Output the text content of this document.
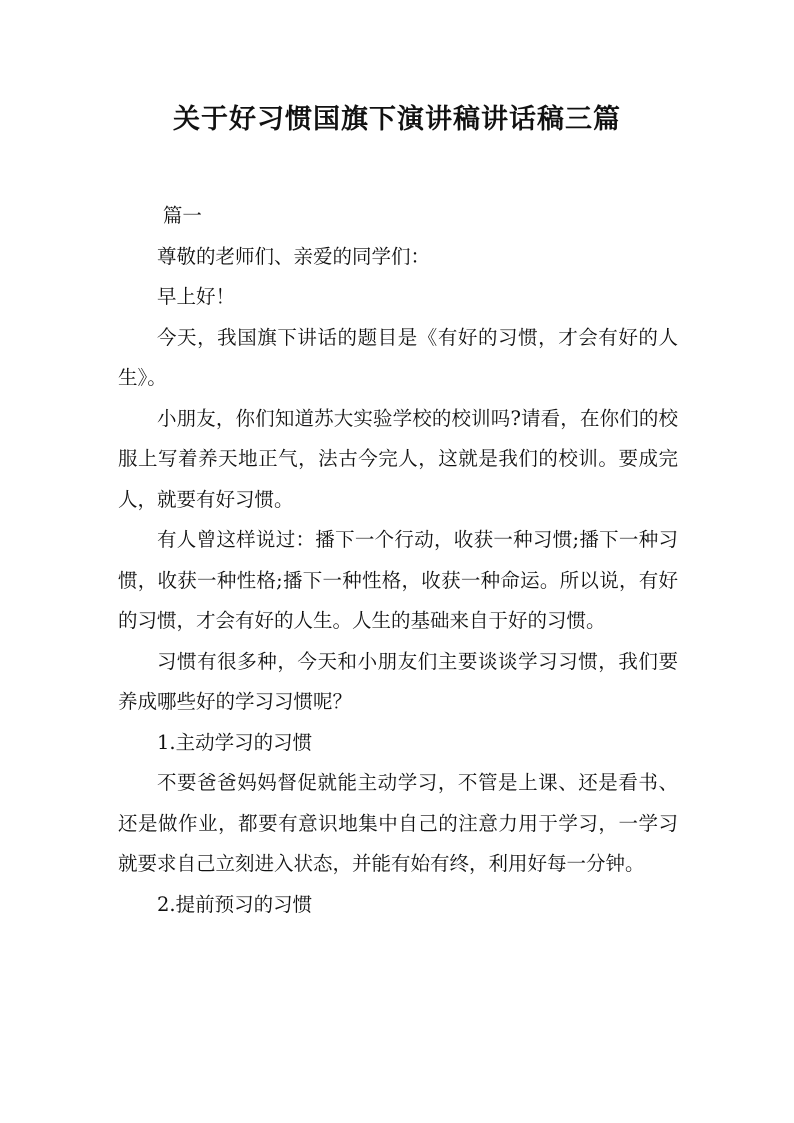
关于好习惯国旗下演讲稿讲话稿三篇

篇一

尊敬的老师们、亲爱的同学们：

早上好！

今天，我国旗下讲话的题目是《有好的习惯，才会有好的人生》。

小朋友，你们知道苏大实验学校的校训吗?请看，在你们的校服上写着养天地正气，法古今完人，这就是我们的校训。要成完人，就要有好习惯。

有人曾这样说过：播下一个行动，收获一种习惯;播下一种习惯，收获一种性格;播下一种性格，收获一种命运。所以说，有好的习惯，才会有好的人生。人生的基础来自于好的习惯。

习惯有很多种，今天和小朋友们主要谈谈学习习惯，我们要养成哪些好的学习习惯呢？

1.主动学习的习惯

不要爸爸妈妈督促就能主动学习，不管是上课、还是看书、还是做作业，都要有意识地集中自己的注意力用于学习，一学习就要求自己立刻进入状态，并能有始有终，利用好每一分钟。

2.提前预习的习惯
